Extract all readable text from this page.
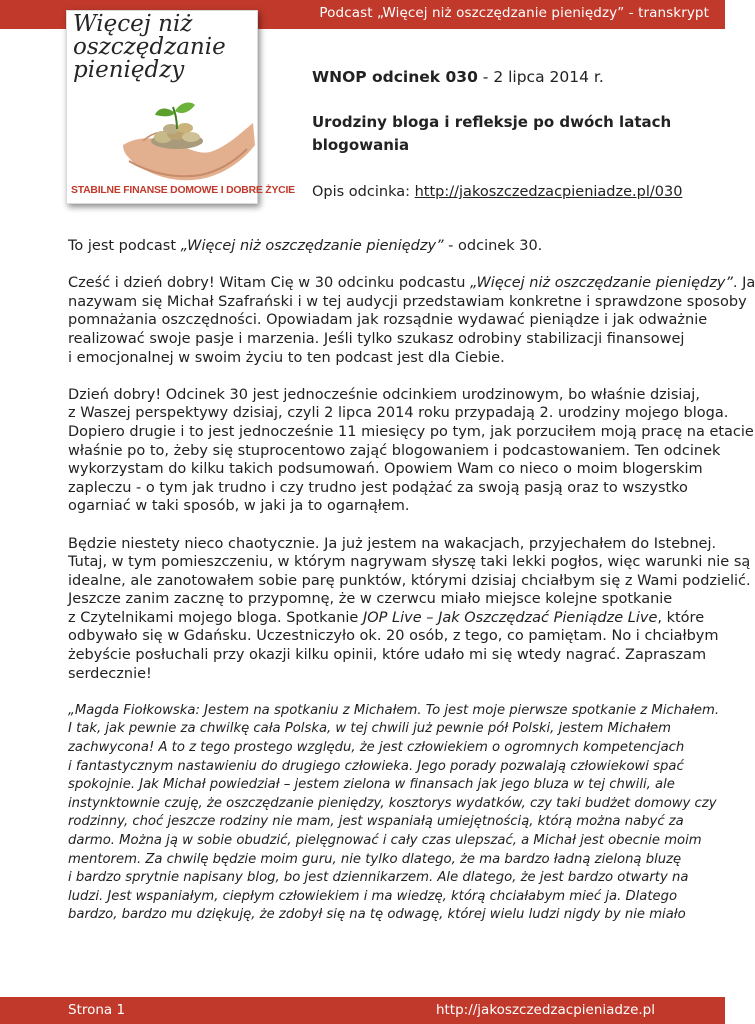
Podcast „Więcej niż oszczędzanie pieniędzy” - transkrypt
Więcej niż
oszczędzanie
pieniędzy
STABILNE FINANSE DOMOWE I DOBRE ŻYCIE

WNOP odcinek 030 - 2 lipca 2014 r.

Urodziny bloga i refleksje po dwóch latach
blogowania

Opis odcinka: http://jakoszczedzacpieniadze.pl/030

To jest podcast „Więcej niż oszczędzanie pieniędzy” - odcinek 30.

Cześć i dzień dobry! Witam Cię w 30 odcinku podcastu „Więcej niż oszczędzanie pieniędzy”. Ja
nazywam się Michał Szafrański i w tej audycji przedstawiam konkretne i sprawdzone sposoby
pomnażania oszczędności. Opowiadam jak rozsądnie wydawać pieniądze i jak odważnie
realizować swoje pasje i marzenia. Jeśli tylko szukasz odrobiny stabilizacji finansowej
i emocjonalnej w swoim życiu to ten podcast jest dla Ciebie.

Dzień dobry! Odcinek 30 jest jednocześnie odcinkiem urodzinowym, bo właśnie dzisiaj,
z Waszej perspektywy dzisiaj, czyli 2 lipca 2014 roku przypadają 2. urodziny mojego bloga.
Dopiero drugie i to jest jednocześnie 11 miesięcy po tym, jak porzuciłem moją pracę na etacie
właśnie po to, żeby się stuprocentowo zająć blogowaniem i podcastowaniem. Ten odcinek
wykorzystam do kilku takich podsumowań. Opowiem Wam co nieco o moim blogerskim
zapleczu - o tym jak trudno i czy trudno jest podążać za swoją pasją oraz to wszystko
ogarniać w taki sposób, w jaki ja to ogarnąłem.

Będzie niestety nieco chaotycznie. Ja już jestem na wakacjach, przyjechałem do Istebnej.
Tutaj, w tym pomieszczeniu, w którym nagrywam słyszę taki lekki pogłos, więc warunki nie są
idealne, ale zanotowałem sobie parę punktów, którymi dzisiaj chciałbym się z Wami podzielić.
Jeszcze zanim zacznę to przypomnę, że w czerwcu miało miejsce kolejne spotkanie
z Czytelnikami mojego bloga. Spotkanie JOP Live – Jak Oszczędzać Pieniądze Live, które
odbywało się w Gdańsku. Uczestniczyło ok. 20 osób, z tego, co pamiętam. No i chciałbym
żebyście posłuchali przy okazji kilku opinii, które udało mi się wtedy nagrać. Zapraszam
serdecznie!

„Magda Fiołkowska: Jestem na spotkaniu z Michałem. To jest moje pierwsze spotkanie z Michałem.
I tak, jak pewnie za chwilkę cała Polska, w tej chwili już pewnie pół Polski, jestem Michałem
zachwycona! A to z tego prostego względu, że jest człowiekiem o ogromnych kompetencjach
i fantastycznym nastawieniu do drugiego człowieka. Jego porady pozwalają człowiekowi spać
spokojnie. Jak Michał powiedział – jestem zielona w finansach jak jego bluza w tej chwili, ale
instynktownie czuję, że oszczędzanie pieniędzy, kosztorys wydatków, czy taki budżet domowy czy
rodzinny, choć jeszcze rodziny nie mam, jest wspaniałą umiejętnością, którą można nabyć za
darmo. Można ją w sobie obudzić, pielęgnować i cały czas ulepszać, a Michał jest obecnie moim
mentorem. Za chwilę będzie moim guru, nie tylko dlatego, że ma bardzo ładną zieloną bluzę
i bardzo sprytnie napisany blog, bo jest dziennikarzem. Ale dlatego, że jest bardzo otwarty na
ludzi. Jest wspaniałym, ciepłym człowiekiem i ma wiedzę, którą chciałabym mieć ja. Dlatego
bardzo, bardzo mu dziękuję, że zdobył się na tę odwagę, której wielu ludzi nigdy by nie miało

Strona 1	http://jakoszczedzacpieniadze.pl
